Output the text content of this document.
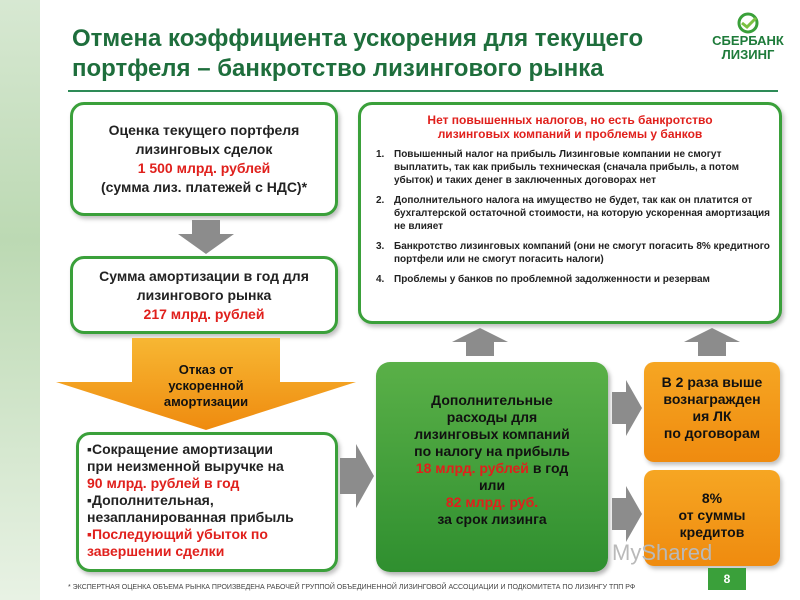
Отмена коэффициента ускорения для текущего
портфеля – банкротство лизингового рынка
СБЕРБАНК
ЛИЗИНГ
Оценка текущего портфеля
лизинговых сделок
1 500 млрд. рублей
(сумма лиз. платежей с НДС)*
Сумма амортизации в год для
лизингового рынка
217 млрд. рублей
Отказ от
ускоренной
амортизации
▪Сокращение амортизации
при неизменной выручке на
90 млрд. рублей в год
▪Дополнительная,
незапланированная прибыль
▪Последующий убыток по
завершении сделки
Нет повышенных налогов, но есть банкротство
лизинговых компаний и проблемы у банков
1. Повышенный налог на прибыль Лизинговые компании не смогут выплатить, так как прибыль техническая (сначала прибыль, а потом убыток) и таких денег в заключенных договорах нет
2. Дополнительного налога на имущество не будет, так как он платится от бухгалтерской остаточной стоимости, на которую ускоренная амортизация не влияет
3. Банкротство лизинговых компаний (они не смогут погасить 8% кредитного портфели или не смогут погасить налоги)
4. Проблемы у банков по проблемной задолженности и резервам
Дополнительные
расходы для
лизинговых компаний
по налогу на прибыль
18 млрд. рублей в год
или
82 млрд. руб.
за срок лизинга
В 2 раза выше
вознагражден
ия ЛК
по договорам
8%
от суммы
кредитов
MyShared
* ЭКСПЕРТНАЯ ОЦЕНКА ОБЪЕМА РЫНКА ПРОИЗВЕДЕНА РАБОЧЕЙ ГРУППОЙ ОБЪЕДИНЕННОЙ ЛИЗИНГОВОЙ АССОЦИАЦИИ И ПОДКОМИТЕТА ПО ЛИЗИНГУ ТПП РФ
8
